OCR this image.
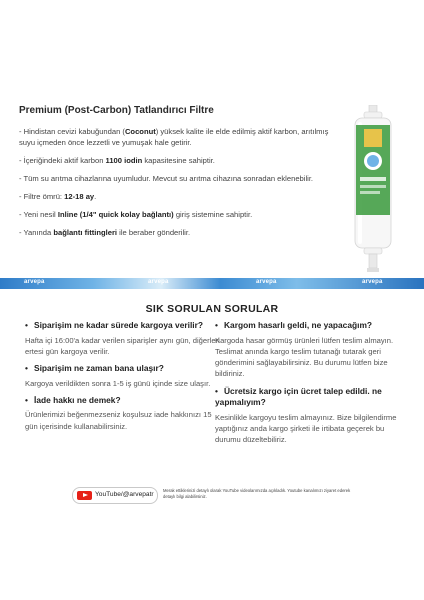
Premium (Post-Carbon) Tatlandırıcı Filtre
- Hindistan cevizi kabuğundan (Coconut) yüksek kalite ile elde edilmiş aktif karbon, arıtılmış suyu içmeden önce lezzetli ve yumuşak hale getirir.
- İçeriğindeki aktif karbon 1100 iodin kapasitesine sahiptir.
- Tüm su arıtma cihazlarına uyumludur. Mevcut su arıtma cihazına sonradan eklenebilir.
- Filtre ömrü: 12-18 ay.
- Yeni nesil Inline (1/4" quick kolay bağlantı) giriş sistemine sahiptir.
- Yanında bağlantı fittingleri ile beraber gönderilir.
arvepa	arvepa	arvepa	arvepa
SIK SORULAN SORULAR

• Siparişim ne kadar sürede kargoya verilir?

Hafta içi 16:00'a kadar verilen siparişler aynı gün, diğerleri ertesi gün kargoya verilir.

• Siparişim ne zaman bana ulaşır?

Kargoya verildikten sonra 1-5 iş günü içinde size ulaşır.

• İade hakkı ne demek?

Ürünlerimizi beğenmezseniz koşulsuz iade hakkınızı 15 gün içerisinde kullanabilirsiniz.

• Kargom hasarlı geldi, ne yapacağım?

Kargoda hasar görmüş ürünleri lütfen teslim almayın. Teslimat anında kargo teslim tutanağı tutarak geri gönderimini sağlayabilirsiniz. Bu durumu lütfen bize bildiriniz.

• Ücretsiz kargo için ücret talep edildi. ne yapmalıyım?

Kesinlikle kargoyu teslim almayınız. Bize bilgilendirme yaptığınız anda kargo şirketi ile irtibata geçerek bu durumu düzeltebiliriz.

YouTube/@arvepatr
Merak ettiklerinizi detaylı olarak YouTube videolarımızda açıkladık. Youtube kanalımızı ziyaret ederek detaylı bilgi alabilirsiniz.
